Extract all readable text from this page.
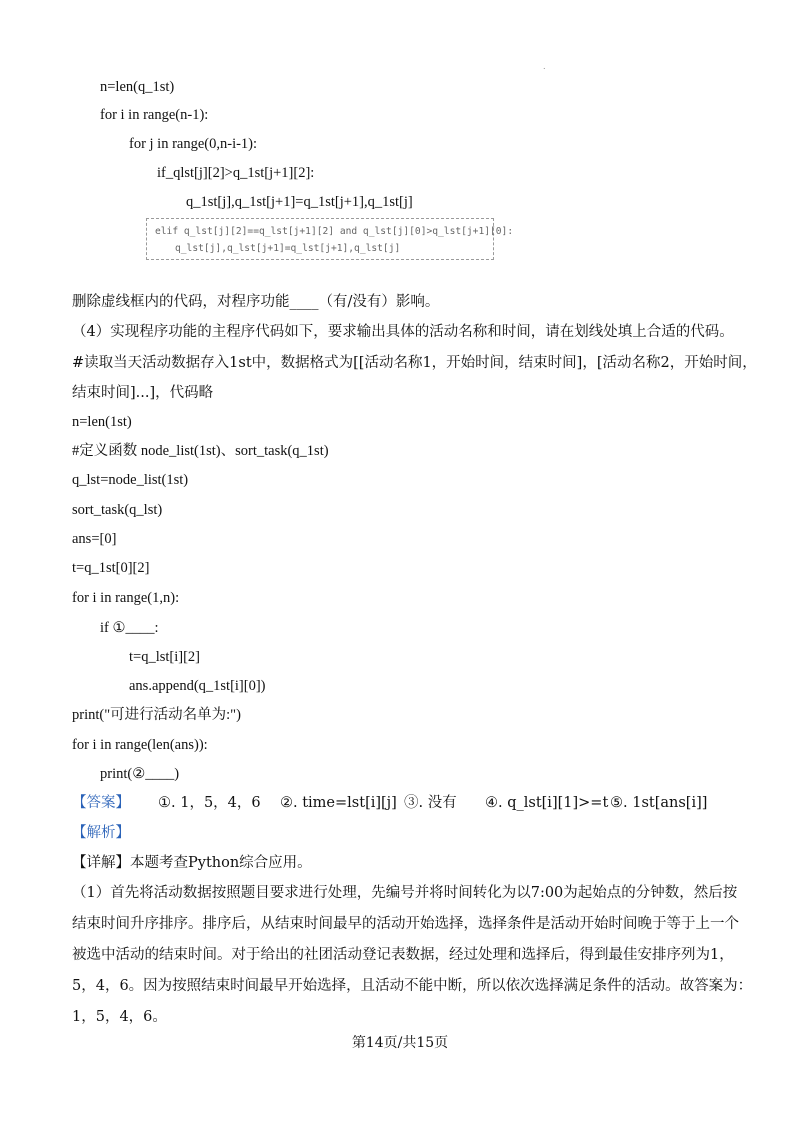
.
n=len(q_1st)
for i in range(n-1):
for j in range(0,n-i-1):
if_qlst[j][2]>q_1st[j+1][2]:
q_1st[j],q_1st[j+1]=q_1st[j+1],q_1st[j]
elif q_lst[j][2]==q_lst[j+1][2] and q_lst[j][0]>q_lst[j+1][0]:
q_lst[j],q_lst[j+1]=q_lst[j+1],q_lst[j]
删除虚线框内的代码，对程序功能____（有/没有）影响。
（4）实现程序功能的主程序代码如下，要求输出具体的活动名称和时间，请在划线处填上合适的代码。
#读取当天活动数据存入1st中，数据格式为[[活动名称1，开始时间，结束时间]，[活动名称2，开始时间，
结束时间]...]，代码略
n=len(1st)
#定义函数 node_list(1st)、sort_task(q_1st)
q_lst=node_list(1st)
sort_task(q_lst)
ans=[0]
t=q_1st[0][2]
for i in range(1,n):
if ①____:
t=q_lst[i][2]
ans.append(q_1st[i][0])
print("可进行活动名单为:")
for i in range(len(ans)):
print(②____)
【答案】 ①. 1，5，4，6 ②. time=lst[i][j] ③. 没有 ④. q_lst[i][1]>=t ⑤. 1st[ans[i]]
【解析】
【详解】本题考查Python综合应用。
（1）首先将活动数据按照题目要求进行处理，先编号并将时间转化为以7:00为起始点的分钟数，然后按
结束时间升序排序。排序后，从结束时间最早的活动开始选择，选择条件是活动开始时间晚于等于上一个
被选中活动的结束时间。对于给出的社团活动登记表数据，经过处理和选择后，得到最佳安排序列为1，
5，4，6。因为按照结束时间最早开始选择，且活动不能中断，所以依次选择满足条件的活动。故答案为：
1，5，4，6。
第14页/共15页
